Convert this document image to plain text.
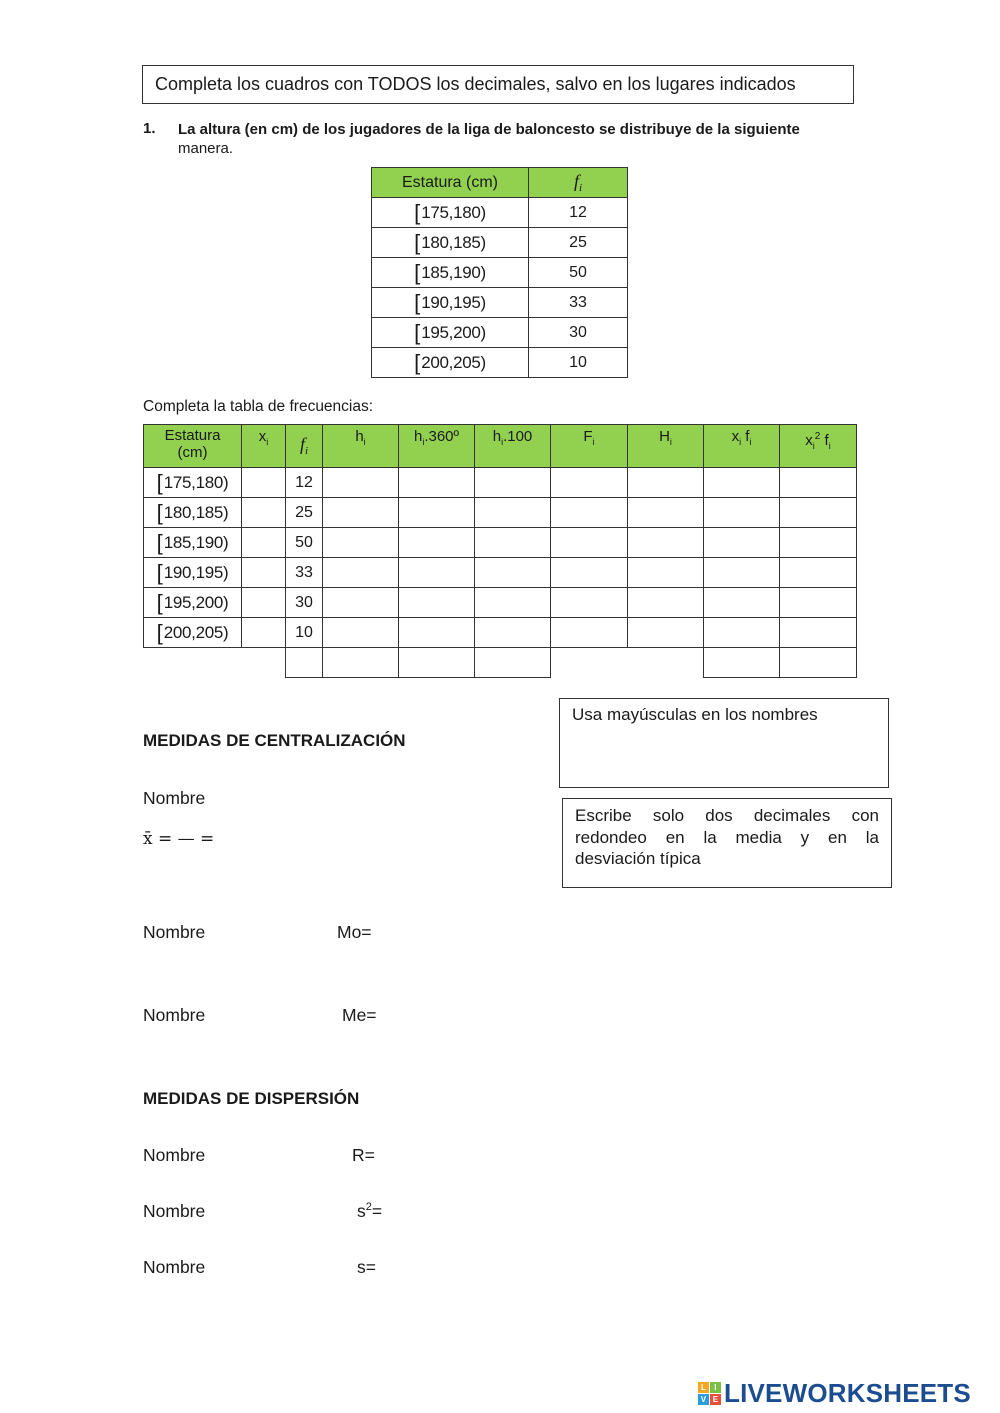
Completa los cuadros con TODOS los decimales, salvo en los lugares indicados
1. La altura (en cm) de los jugadores de la liga de baloncesto se distribuye de la siguiente
manera.
Estatura (cm)	$f_i$
[175,180)	12
[180,185)	25
[185,190)	50
[190,195)	33
[195,200)	30
[200,205)	10
Completa la tabla de frecuencias:
Estatura
(cm)	$x_i$	$f_i$	$h_i$	$h_i.360º$	$h_i.100$	$F_i$	$H_i$	$x_i$ $f_i$	$x_i^2$ $f_i$
[175,180)		12							
[180,185)		25							
[185,190)		50							
[190,195)		33							
[195,200)		30							
[200,205)		10							

MEDIDAS DE CENTRALIZACIÓN
Usa mayúsculas en los nombres
Escribe solo dos decimales con redondeo en la media y en la desviación típica
Nombre
x̄ = — =
Nombre	Mo=
Nombre	Me=
MEDIDAS DE DISPERSIÓN
Nombre	R=
Nombre	$s^2=$
Nombre	s=
L	I
V E LIVEWORKSHEETS
